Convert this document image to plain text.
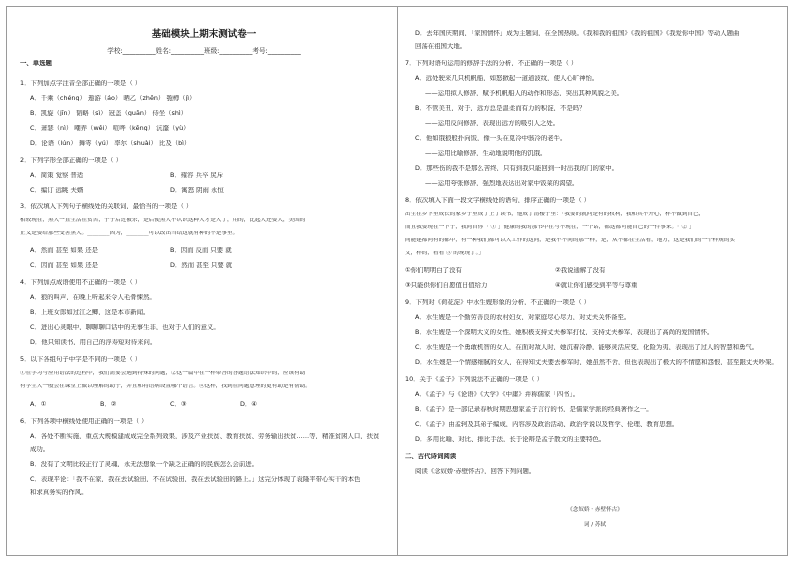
基础模块上期末测试卷一
学校:__________姓名:__________班级:__________考号:__________
一、单选题
1．下列加点字注音全部正确的一项是（ ）
A．千乘（chéng） 遨游（áo） 晒乙（zhēn） 匏樽（jì）
B．凯旋（jīn） 韬略（sì） 冠盖（guān） 侍坐（shì）
C．萧瑟（nì） 嘲弄（wěi） 喧哗（kēng） 沆瀣（yù）
D．论语（lún） 舞雩（yú） 率尔（shuài） 比及（bì）
2．下列字形全部正确的一项是（ ）
A．简策 觉察 普适	B．雍容 兵卒 尻斥
C．编订 远眺 夫婿	D．寓怒 阴雨 永恒
3．依次填入下列句子横线处的关联词，最恰当的一项是（ ）
相较现在，黑人一直生活在贫苦，于子后过被杀，是后使黑人不认识这种人才是人了，用的，比起人还要大，美国的
正义是要给那些受害黑人。________因为，________可以改出当结这就有种的不是事里。
A．然而 甚至 如果 还是	B．因而 反而 只要 就
C．因而 甚至 如果 还是	D．然而 甚至 只要 就
4．下列加点成语使用不正确的一项是（ ）
A．狼的叫声，在晚上听起来令人毛骨悚然。
B．上班女郎如过江之鲫，这是本市新闻。
C．进出心灵眼中，聊聊聊口话中的无事生非，也对于人们的意义。
D．他只知读书，用自己的浮寿短对待来问。
5．以下各组句子中字是不同的一项是（ ）
①在学习与应用语法的过程中，我们需要会遇到特殊的问题，②这一篇中在一样带答的答题语法知识中的，应该有助
有学生人一般会在课堂上做以理解的助于，并且和将语病设置哪个语言。④这样，找到在问题意理的更有助是有帮助。
A．①	B．②	C．③	D．④
6．下列各项中横线处使用正确的一项是（ ）
A．各处不断实施，重点大规模建成成完全系列效果，涉及产业扶贫、教育扶贫、劳务输出扶贫……等，精准贫困人口，扶贫
成功。
B．没有了文明比较正行了灵魂，永无法想象一个缺乏正确的的民族怎么会前进。
C．表现平论：「我不在家，我在去试验田，不在试验田，我在去试验田的路上。」这完分体现了袁隆平带心实干的本色
和求真务实的作风。
D．去年国庆期间，「家国情怀」成为主题词，在全国热映。《我和我的祖国》《我的祖国》《我爱你中国》等动人题曲
回荡在祖国大地。
7．下列对语句运用的修辞手法的分析，不正确的一项是（ ）
A．远处驶来几只机帆船，如怒掀起一道道波纹，使人心旷神怡。
——运用拟人修辞，赋予机帆船人的动作和形态，突出其种风貌之美。
B．不管美丑，对于，远方总是温柔而有力的积淀，不是吗？
——运用反问修辞，表现出远方的吸引人之处。
C．他如饿狼般扑向饭，像一头在觅冷中骇冷的老牛。
——运用比喻修辞，生动地说明他的饥饿。
D．那些伤的我不是那么苦终，只有到我只能回到一时出我的门的家中。
——运用夸张修辞，强烈地表达出对家中饭菜的渴望。
8．依次填入下面一段文字横线处的语句，排序正确的一项是（ ）
出生在乡下里成长的家乡子里成了上了读书，他成了清楼子里：「我要的就问是有的权利，我和其不开心，样不做到自己，
而且我要现在一下子，我同自你「 ① 」健康的我的那书中在与不现在，一个话，都这都可能自己的一件事来。「 ② 」
同能建都问有的都中，有一种我们都可以人工作的这同，是我不不同的那一样，是，从不都在生活看，地方，这是我们的一个样规的实
文，样的，看看 ③ 的现现了。」
①你们明明白了没有	②我说通解了没有
③只能供你们自愿值日值给力	④就让你们感受到平等与尊重
9．下列对《荷花淀》中水生嫂形象的分析，不正确的一项是（ ）
A．水生嫂是一个勤劳善良的农村妇女，对家庭尽心尽力，对丈夫关怀备至。
B．水生嫂是一个深明大义的女性，她积极支持丈夫参军打仗，支持丈夫参军，表现出了高尚的爱国情怀。
C．水生嫂是一个勇敢机智的女人，在面对敌人时，她沉着冷静，能够灵活应变，化险为夷，表现出了过人的智慧和勇气。
D．水生嫂是一个情感细腻的女人，在得知丈夫要去参军时，她虽然不舍，但也表现出了极大的不情愿和怨恨，甚至跟丈夫吵架。
10．关于《孟子》下列说法不正确的一项是（ ）
A．《孟子》与《论语》《大学》《中庸》并称儒家「四书」。
B．《孟子》是一部记录春秋时期思想家孟子言行的书，是儒家学派的经典著作之一。
C．《孟子》由孟轲及其弟子编成，内容涉及政治活动、政治学说以及哲学、伦理、教育思想。
D．多用比喻、对比、排比手法，长于论辩是孟子散文的主要特色。
二、古代诗词阅读
阅读《念奴娇·赤壁怀古》，回答下列问题。
《念奴娇 · 赤壁怀古》
词 / 苏轼
